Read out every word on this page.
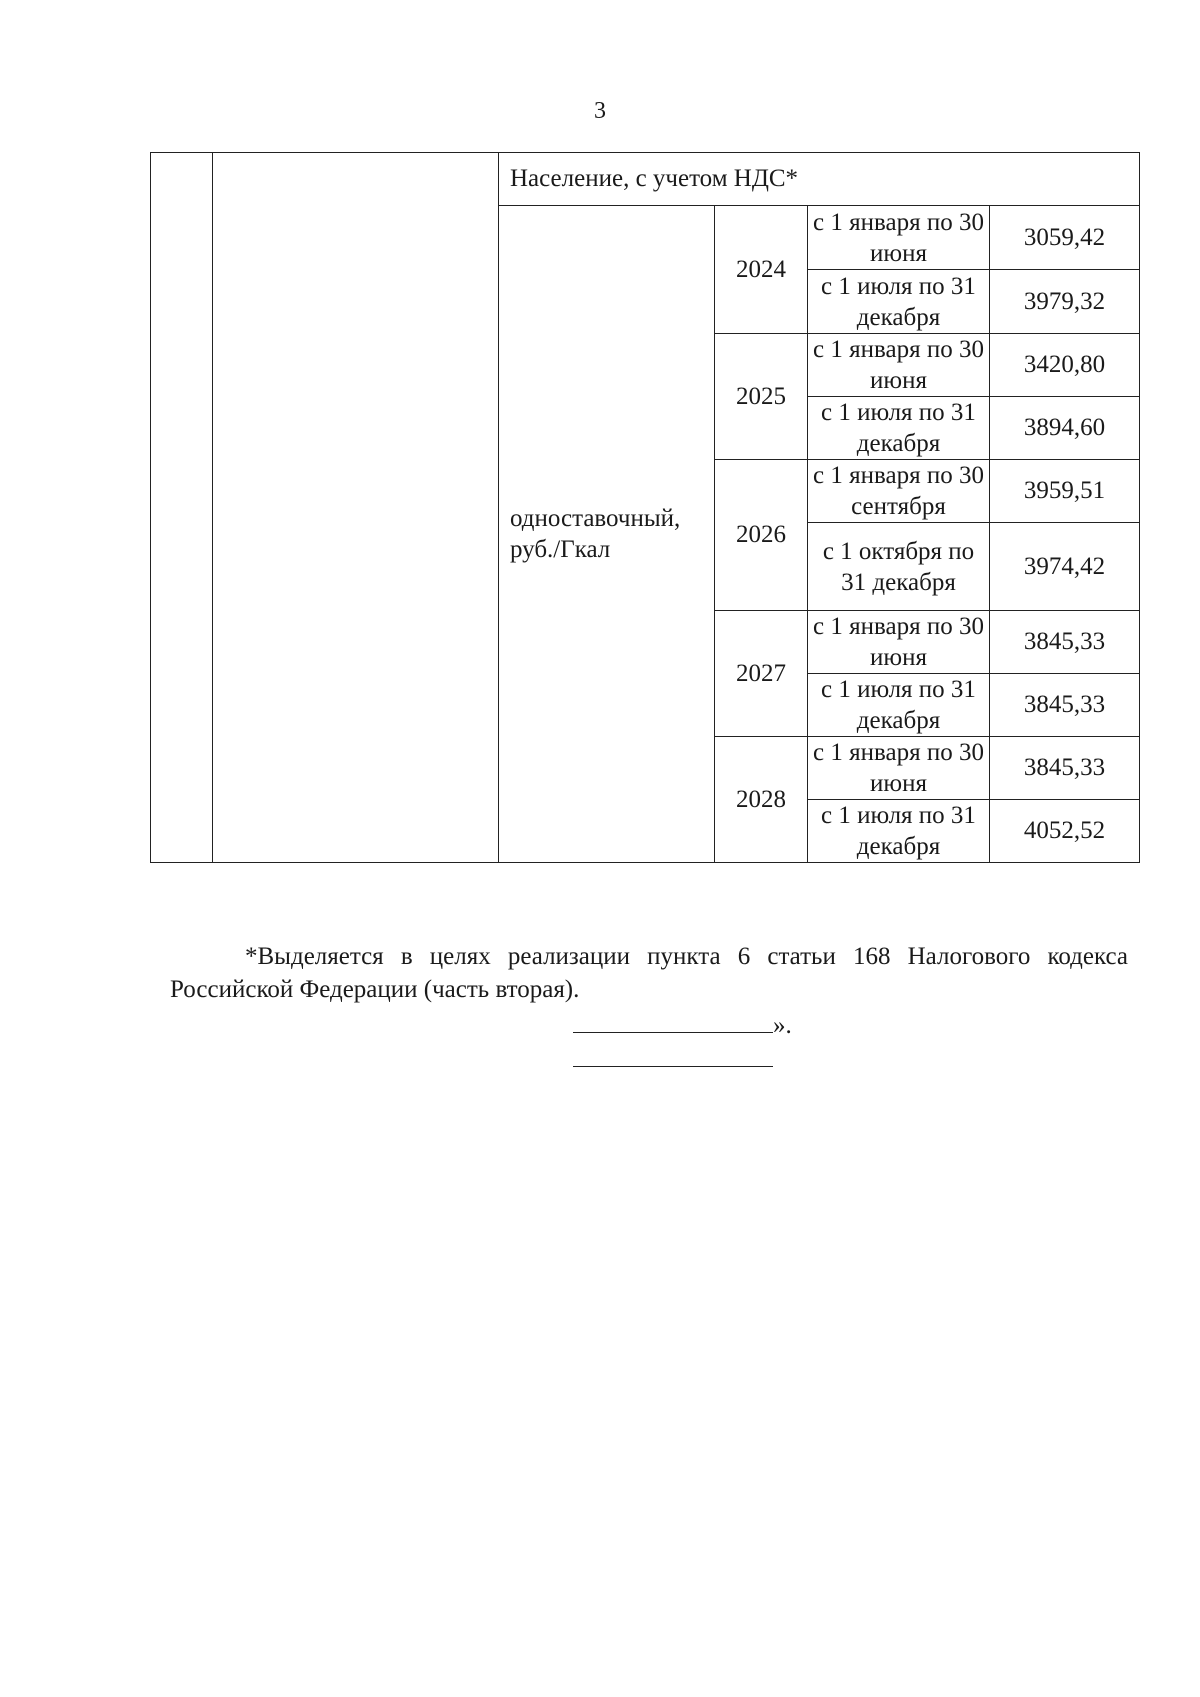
3
		Население, с учетом НДС*			
		одноставочный, руб./Гкал	2024	с 1 января по 30 июня	3059,42
				с 1 июля по 31 декабря	3979,32
			2025	с 1 января по 30 июня	3420,80
				с 1 июля по 31 декабря	3894,60
			2026	с 1 января по 30 сентября	3959,51
				с 1 октября по 31 декабря	3974,42
			2027	с 1 января по 30 июня	3845,33
				с 1 июля по 31 декабря	3845,33
			2028	с 1 января по 30 июня	3845,33
				с 1 июля по 31 декабря	4052,52
*Выделяется в целях реализации пункта 6 статьи 168 Налогового кодекса Российской Федерации (часть вторая).
».
